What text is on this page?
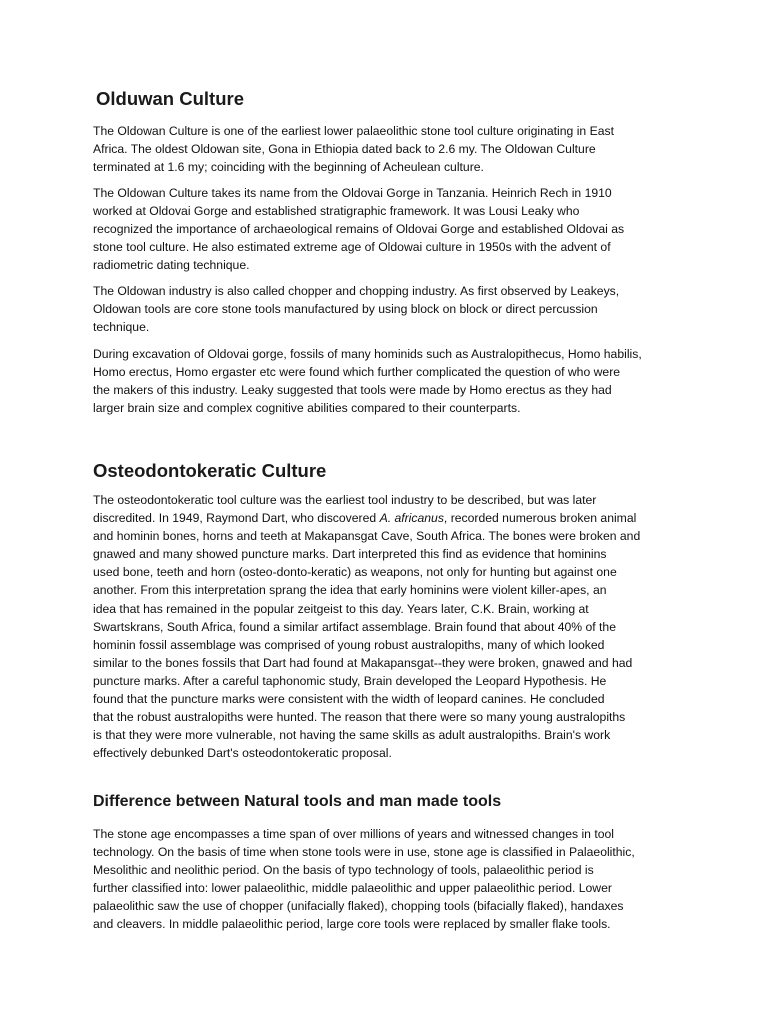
Olduwan Culture

The Oldowan Culture is one of the earliest lower palaeolithic stone tool culture originating in East
Africa. The oldest Oldowan site, Gona in Ethiopia dated back to 2.6 my. The Oldowan Culture
terminated at 1.6 my; coinciding with the beginning of Acheulean culture.

The Oldowan Culture takes its name from the Oldovai Gorge in Tanzania. Heinrich Rech in 1910
worked at Oldovai Gorge and established stratigraphic framework. It was Lousi Leaky who
recognized the importance of archaeological remains of Oldovai Gorge and established Oldovai as
stone tool culture. He also estimated extreme age of Oldowai culture in 1950s with the advent of
radiometric dating technique.

The Oldowan industry is also called chopper and chopping industry. As first observed by Leakeys,
Oldowan tools are core stone tools manufactured by using block on block or direct percussion
technique.

During excavation of Oldovai gorge, fossils of many hominids such as Australopithecus, Homo habilis,
Homo erectus, Homo ergaster etc were found which further complicated the question of who were
the makers of this industry. Leaky suggested that tools were made by Homo erectus as they had
larger brain size and complex cognitive abilities compared to their counterparts.

Osteodontokeratic Culture

The osteodontokeratic tool culture was the earliest tool industry to be described, but was later
discredited. In 1949, Raymond Dart, who discovered A. africanus, recorded numerous broken animal
and hominin bones, horns and teeth at Makapansgat Cave, South Africa. The bones were broken and
gnawed and many showed puncture marks. Dart interpreted this find as evidence that hominins
used bone, teeth and horn (osteo-donto-keratic) as weapons, not only for hunting but against one
another. From this interpretation sprang the idea that early hominins were violent killer-apes, an
idea that has remained in the popular zeitgeist to this day. Years later, C.K. Brain, working at
Swartskrans, South Africa, found a similar artifact assemblage. Brain found that about 40% of the
hominin fossil assemblage was comprised of young robust australopiths, many of which looked
similar to the bones fossils that Dart had found at Makapansgat--they were broken, gnawed and had
puncture marks. After a careful taphonomic study, Brain developed the Leopard Hypothesis. He
found that the puncture marks were consistent with the width of leopard canines. He concluded
that the robust australopiths were hunted. The reason that there were so many young australopiths
is that they were more vulnerable, not having the same skills as adult australopiths. Brain's work
effectively debunked Dart's osteodontokeratic proposal.

Difference between Natural tools and man made tools

The stone age encompasses a time span of over millions of years and witnessed changes in tool
technology. On the basis of time when stone tools were in use, stone age is classified in Palaeolithic,
Mesolithic and neolithic period. On the basis of typo technology of tools, palaeolithic period is
further classified into: lower palaeolithic, middle palaeolithic and upper palaeolithic period. Lower
palaeolithic saw the use of chopper (unifacially flaked), chopping tools (bifacially flaked), handaxes
and cleavers. In middle palaeolithic period, large core tools were replaced by smaller flake tools.
